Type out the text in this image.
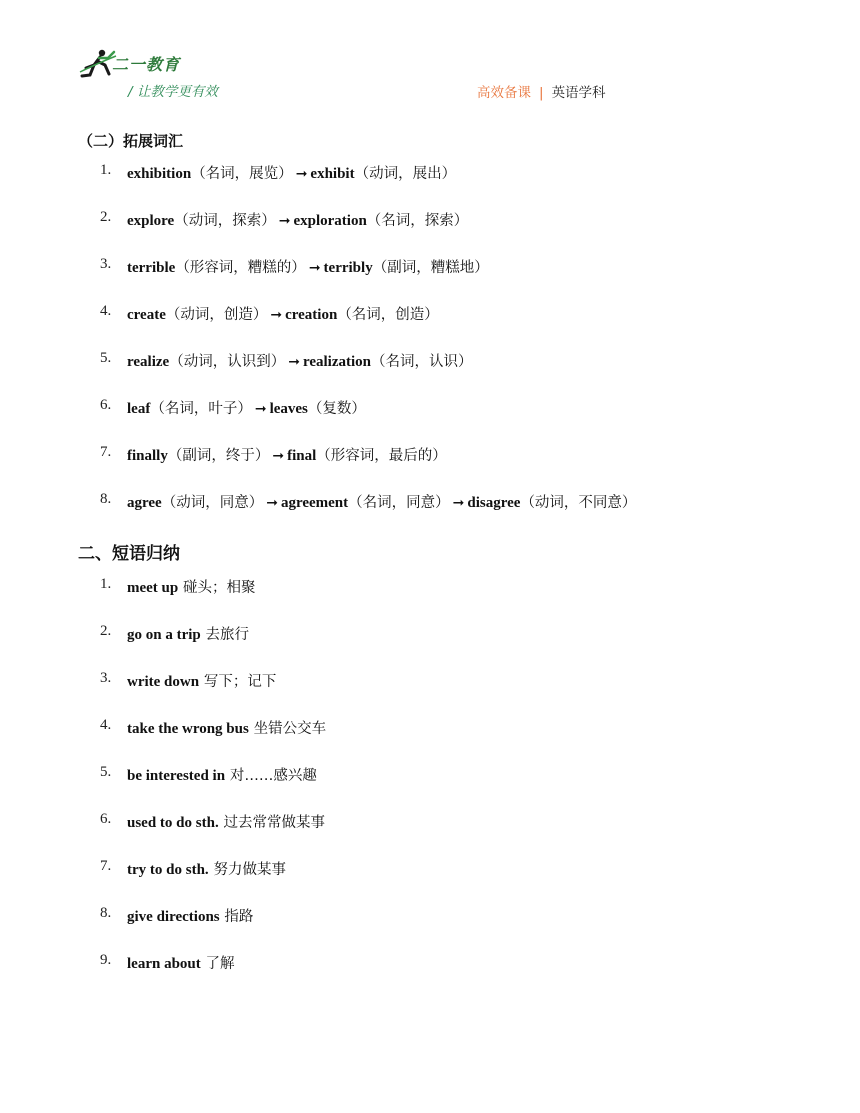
二一教育
/ 让教学更有效	高效备课 | 英语学科
（二）拓展词汇
1. exhibition（名词，展览） ➞ exhibit（动词，展出）
2. explore（动词，探索） ➞ exploration（名词，探索）
3. terrible（形容词，糟糕的） ➞ terribly（副词，糟糕地）
4. create（动词，创造） ➞ creation（名词，创造）
5. realize（动词，认识到） ➞ realization（名词，认识）
6. leaf（名词，叶子） ➞ leaves（复数）
7. finally（副词，终于） ➞ final（形容词，最后的）
8. agree（动词，同意） ➞ agreement（名词，同意） ➞ disagree（动词，不同意）
二、短语归纳
1. meet up 碰头；相聚
2. go on a trip 去旅行
3. write down 写下；记下
4. take the wrong bus 坐错公交车
5. be interested in 对……感兴趣
6. used to do sth. 过去常常做某事
7. try to do sth. 努力做某事
8. give directions 指路
9. learn about 了解
